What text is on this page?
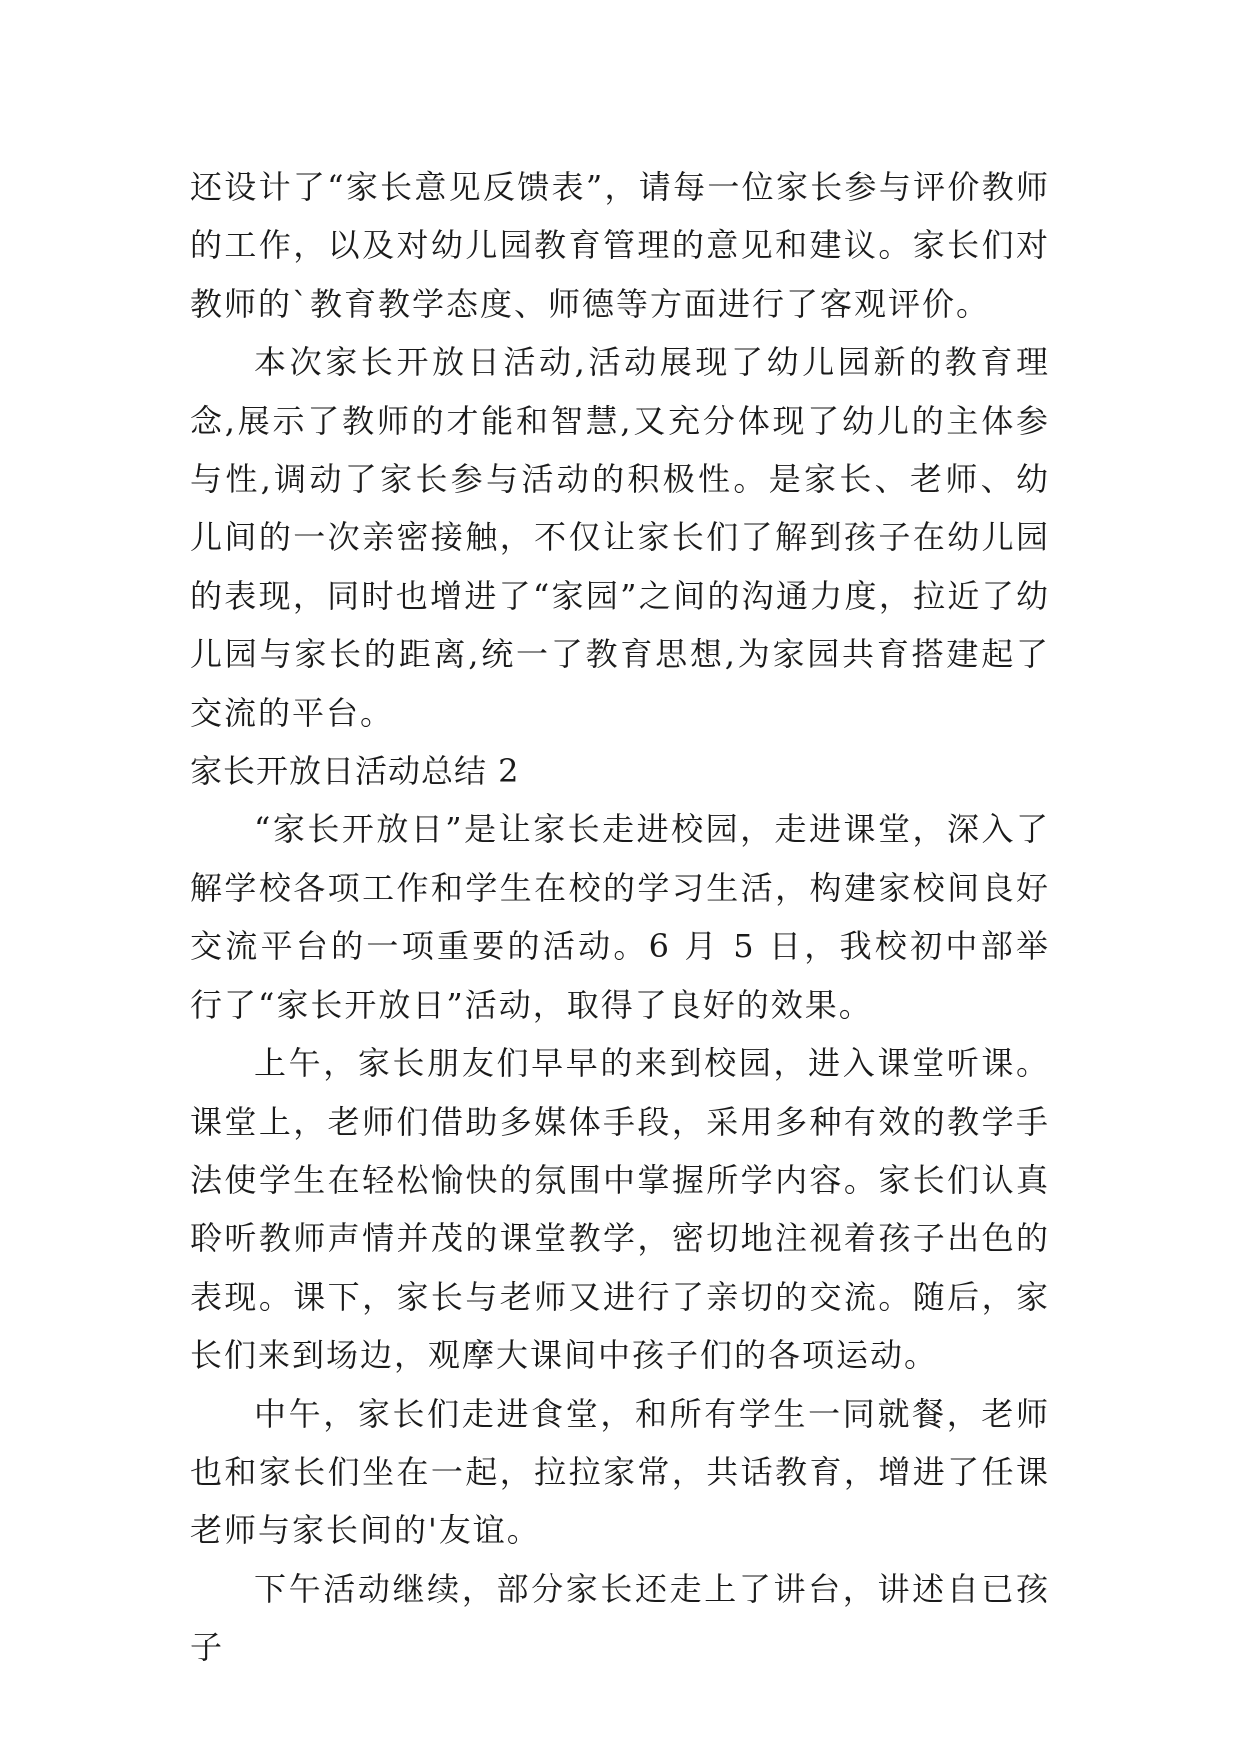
还设计了“家长意见反馈表”，请每一位家长参与评价教师的工作，以及对幼儿园教育管理的意见和建议。家长们对教师的`教育教学态度、师德等方面进行了客观评价。

本次家长开放日活动,活动展现了幼儿园新的教育理念,展示了教师的才能和智慧,又充分体现了幼儿的主体参与性,调动了家长参与活动的积极性。是家长、老师、幼儿间的一次亲密接触，不仅让家长们了解到孩子在幼儿园的表现，同时也增进了“家园”之间的沟通力度，拉近了幼儿园与家长的距离,统一了教育思想,为家园共育搭建起了交流的平台。

家长开放日活动总结 2

“家长开放日”是让家长走进校园，走进课堂，深入了解学校各项工作和学生在校的学习生活，构建家校间良好交流平台的一项重要的活动。6 月 5 日，我校初中部举行了“家长开放日”活动，取得了良好的效果。

上午，家长朋友们早早的来到校园，进入课堂听课。课堂上，老师们借助多媒体手段，采用多种有效的教学手法使学生在轻松愉快的氛围中掌握所学内容。家长们认真聆听教师声情并茂的课堂教学，密切地注视着孩子出色的表现。课下，家长与老师又进行了亲切的交流。随后，家长们来到场边，观摩大课间中孩子们的各项运动。

中午，家长们走进食堂，和所有学生一同就餐，老师也和家长们坐在一起，拉拉家常，共话教育，增进了任课老师与家长间的'友谊。

下午活动继续，部分家长还走上了讲台，讲述自已孩子
